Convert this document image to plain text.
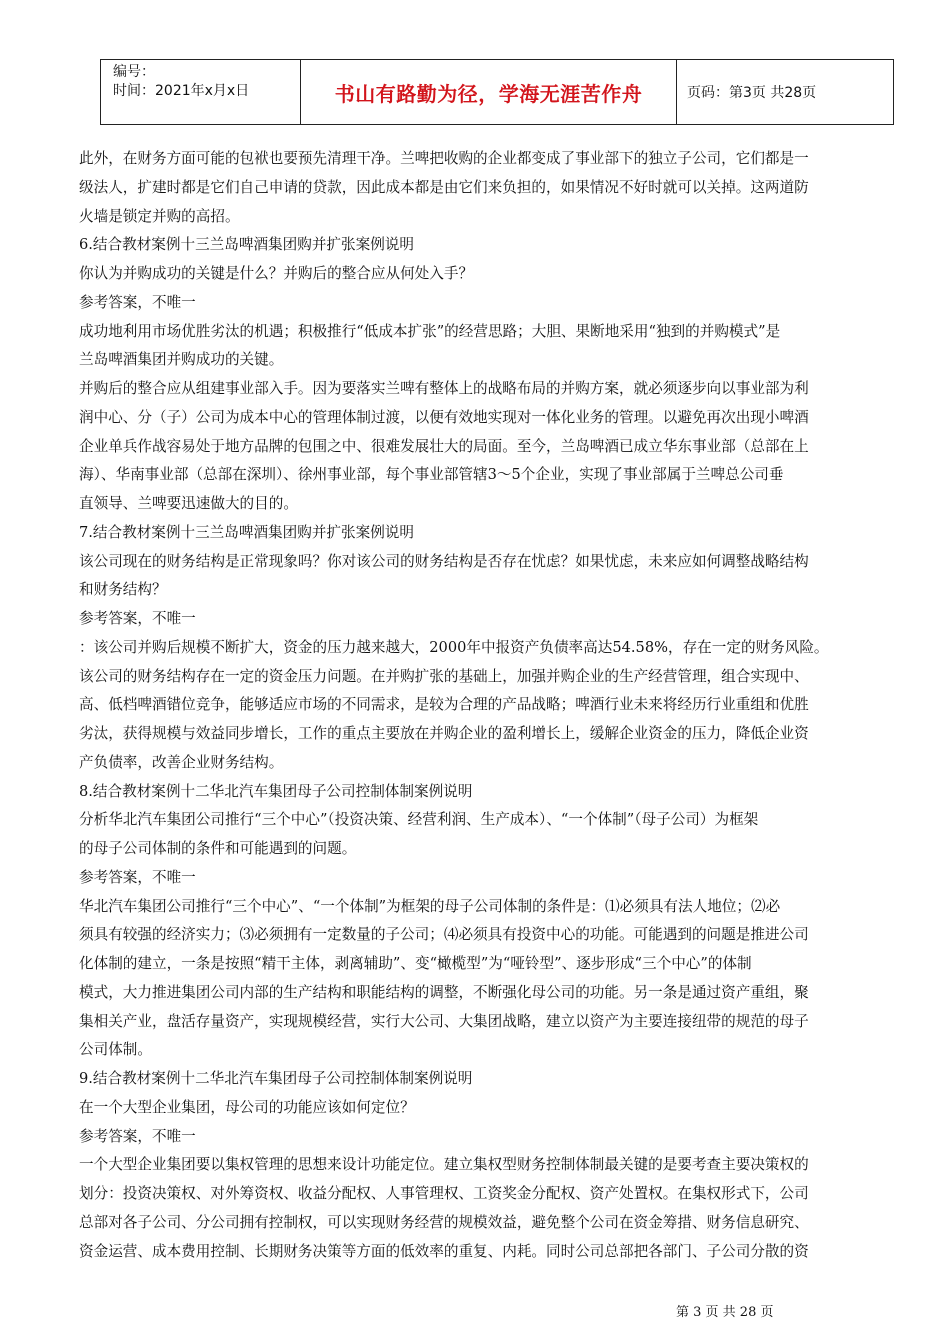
编号：
时间：2021年x月x日	书山有路勤为径，学海无涯苦作舟	页码：第3页 共28页
此外，在财务方面可能的包袱也要预先清理干净。兰啤把收购的企业都变成了事业部下的独立子公司，它们都是一
级法人，扩建时都是它们自己申请的贷款，因此成本都是由它们来负担的，如果情况不好时就可以关掉。这两道防
火墙是锁定并购的高招。
6.结合教材案例十三兰岛啤酒集团购并扩张案例说明
你认为并购成功的关键是什么？并购后的整合应从何处入手？
参考答案，不唯一
成功地利用市场优胜劣汰的机遇；积极推行“低成本扩张”的经营思路；大胆、果断地采用“独到的并购模式”是
兰岛啤酒集团并购成功的关键。
并购后的整合应从组建事业部入手。因为要落实兰啤有整体上的战略布局的并购方案，就必须逐步向以事业部为利
润中心、分（子）公司为成本中心的管理体制过渡，以便有效地实现对一体化业务的管理。以避免再次出现小啤酒
企业单兵作战容易处于地方品牌的包围之中、很难发展壮大的局面。至今，兰岛啤酒已成立华东事业部（总部在上
海）、华南事业部（总部在深圳）、徐州事业部，每个事业部管辖3～5个企业，实现了事业部属于兰啤总公司垂
直领导、兰啤要迅速做大的目的。
7.结合教材案例十三兰岛啤酒集团购并扩张案例说明
该公司现在的财务结构是正常现象吗？你对该公司的财务结构是否存在忧虑？如果忧虑，未来应如何调整战略结构
和财务结构？
参考答案，不唯一
：该公司并购后规模不断扩大，资金的压力越来越大，2000年中报资产负债率高达54.58%，存在一定的财务风险。
该公司的财务结构存在一定的资金压力问题。在并购扩张的基础上，加强并购企业的生产经营管理，组合实现中、
高、低档啤酒错位竞争，能够适应市场的不同需求，是较为合理的产品战略；啤酒行业未来将经历行业重组和优胜
劣汰，获得规模与效益同步增长，工作的重点主要放在并购企业的盈利增长上，缓解企业资金的压力，降低企业资
产负债率，改善企业财务结构。
8.结合教材案例十二华北汽车集团母子公司控制体制案例说明
分析华北汽车集团公司推行“三个中心”（投资决策、经营利润、生产成本）、“一个体制”（母子公司）为框架
的母子公司体制的条件和可能遇到的问题。
参考答案，不唯一
华北汽车集团公司推行“三个中心”、“一个体制”为框架的母子公司体制的条件是：⑴必须具有法人地位；⑵必
须具有较强的经济实力；⑶必须拥有一定数量的子公司；⑷必须具有投资中心的功能。可能遇到的问题是推进公司
化体制的建立，一条是按照“精干主体，剥离辅助”、变“橄榄型”为“哑铃型”、逐步形成“三个中心”的体制
模式，大力推进集团公司内部的生产结构和职能结构的调整，不断强化母公司的功能。另一条是通过资产重组，聚
集相关产业，盘活存量资产，实现规模经营，实行大公司、大集团战略，建立以资产为主要连接纽带的规范的母子
公司体制。
9.结合教材案例十二华北汽车集团母子公司控制体制案例说明
在一个大型企业集团，母公司的功能应该如何定位？
参考答案，不唯一
一个大型企业集团要以集权管理的思想来设计功能定位。建立集权型财务控制体制最关键的是要考查主要决策权的
划分：投资决策权、对外筹资权、收益分配权、人事管理权、工资奖金分配权、资产处置权。在集权形式下，公司
总部对各子公司、分公司拥有控制权，可以实现财务经营的规模效益，避免整个公司在资金筹措、财务信息研究、
资金运营、成本费用控制、长期财务决策等方面的低效率的重复、内耗。同时公司总部把各部门、子公司分散的资
第 3 页 共 28 页
